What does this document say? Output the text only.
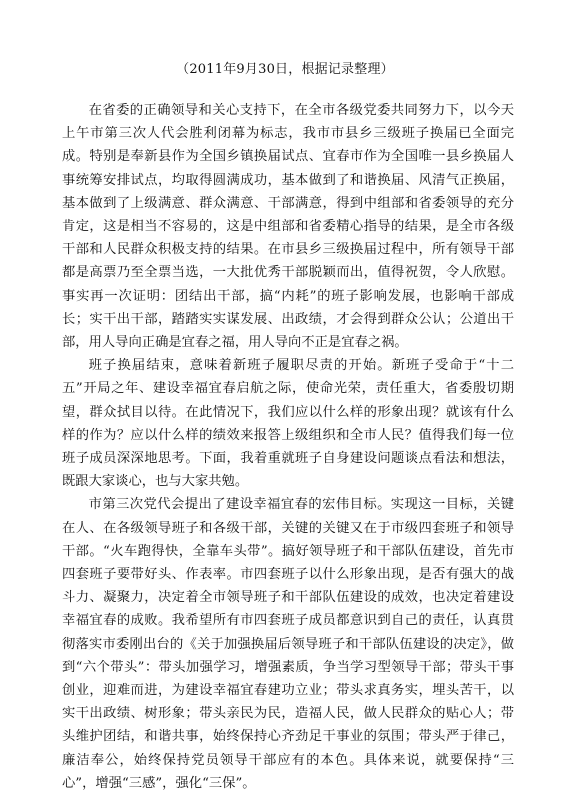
（2011年9月30日，根据记录整理）

在省委的正确领导和关心支持下，在全市各级党委共同努力下，以今天上午市第三次人代会胜利闭幕为标志，我市市县乡三级班子换届已全面完成。特别是奉新县作为全国乡镇换届试点、宜春市作为全国唯一县乡换届人事统筹安排试点，均取得圆满成功，基本做到了和谐换届、风清气正换届，基本做到了上级满意、群众满意、干部满意，得到中组部和省委领导的充分肯定，这是相当不容易的，这是中组部和省委精心指导的结果，是全市各级干部和人民群众积极支持的结果。在市县乡三级换届过程中，所有领导干部都是高票乃至全票当选，一大批优秀干部脱颖而出，值得祝贺，令人欣慰。事实再一次证明：团结出干部，搞“内耗”的班子影响发展，也影响干部成长；实干出干部，踏踏实实谋发展、出政绩，才会得到群众公认；公道出干部，用人导向正确是宜春之福，用人导向不正是宜春之祸。

班子换届结束，意味着新班子履职尽责的开始。新班子受命于“十二五”开局之年、建设幸福宜春启航之际，使命光荣，责任重大，省委殷切期望，群众拭目以待。在此情况下，我们应以什么样的形象出现？就该有什么样的作为？应以什么样的绩效来报答上级组织和全市人民？值得我们每一位班子成员深深地思考。下面，我着重就班子自身建设问题谈点看法和想法，既跟大家谈心，也与大家共勉。

市第三次党代会提出了建设幸福宜春的宏伟目标。实现这一目标，关键在人、在各级领导班子和各级干部，关键的关键又在于市级四套班子和领导干部。“火车跑得快，全靠车头带”。搞好领导班子和干部队伍建设，首先市四套班子要带好头、作表率。市四套班子以什么形象出现，是否有强大的战斗力、凝聚力，决定着全市领导班子和干部队伍建设的成效，也决定着建设幸福宜春的成败。我希望所有市四套班子成员都意识到自己的责任，认真贯彻落实市委刚出台的《关于加强换届后领导班子和干部队伍建设的决定》，做到“六个带头”：带头加强学习，增强素质，争当学习型领导干部；带头干事创业，迎难而进，为建设幸福宜春建功立业；带头求真务实，埋头苦干，以实干出政绩、树形象；带头亲民为民，造福人民，做人民群众的贴心人；带头维护团结，和谐共事，始终保持心齐劲足干事业的氛围；带头严于律己，廉洁奉公，始终保持党员领导干部应有的本色。具体来说，就要保持“三心”，增强“三感”，强化“三保”。
